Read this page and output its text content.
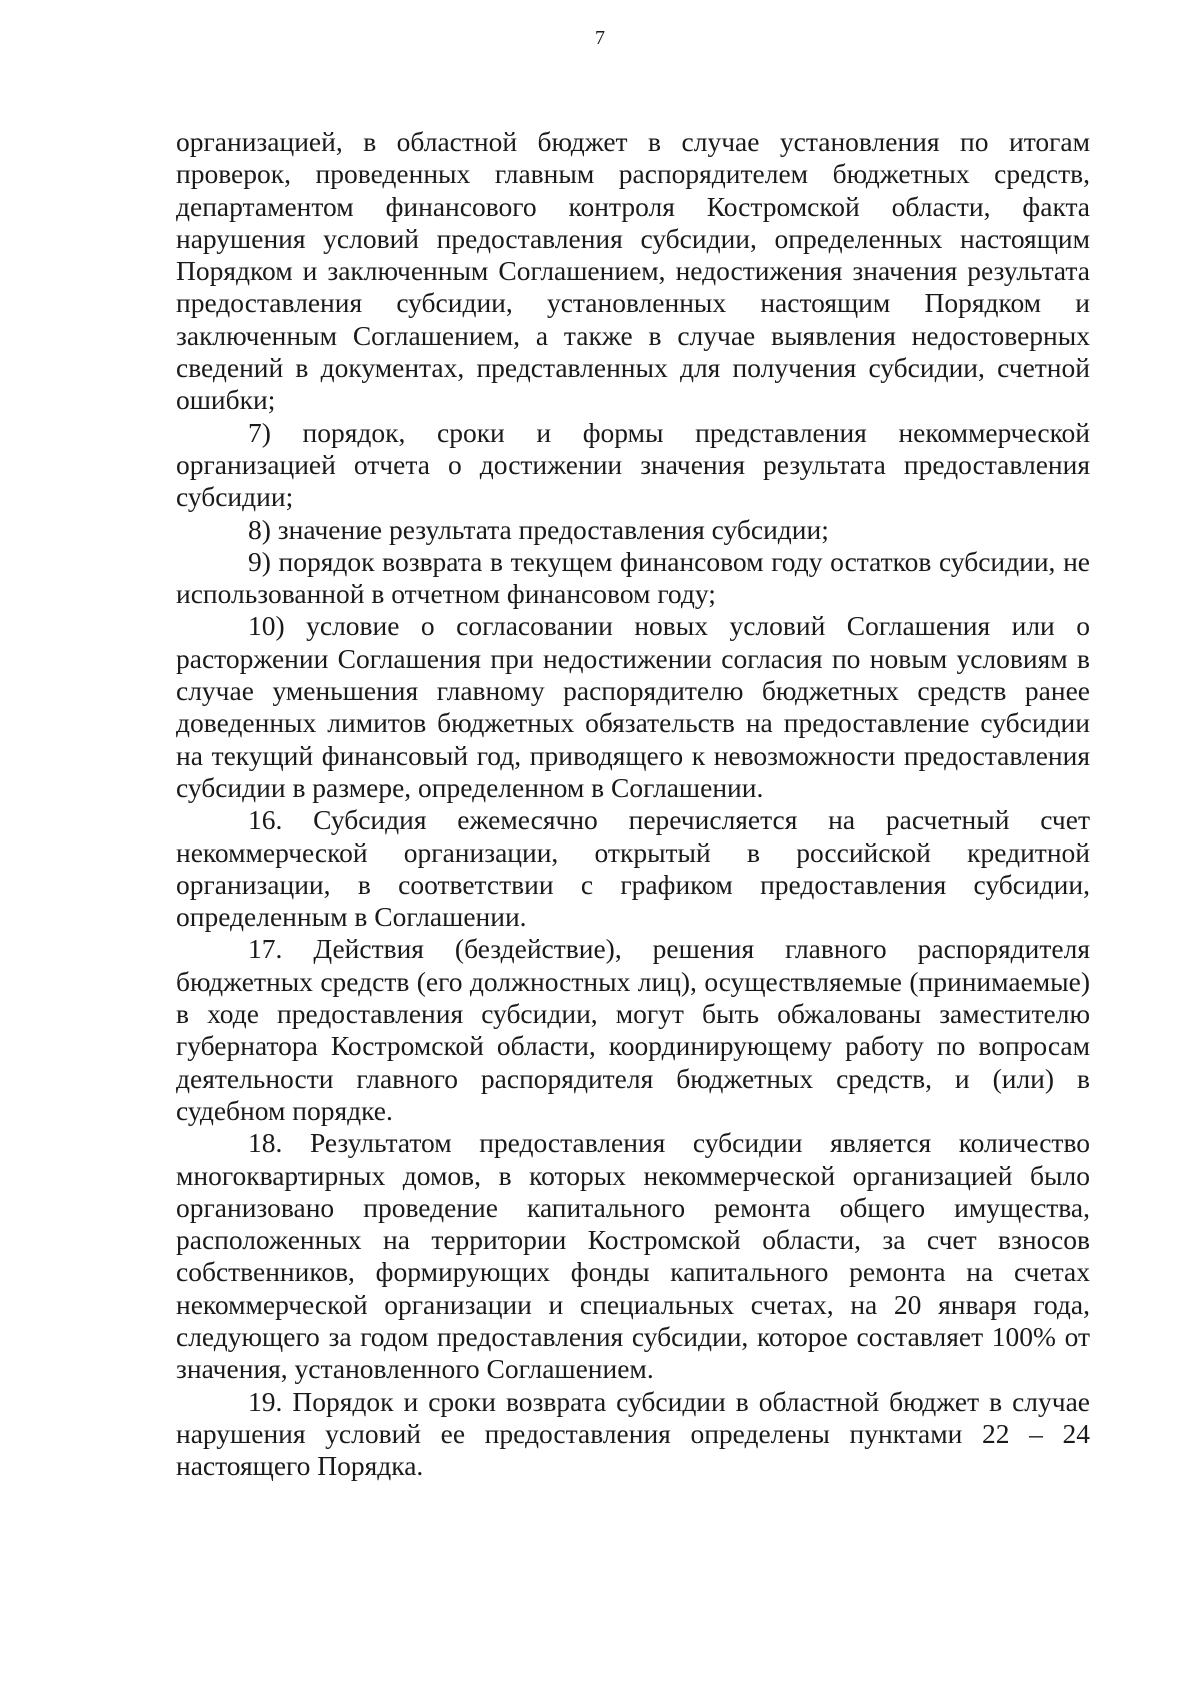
7

организацией, в областной бюджет в случае установления по итогам проверок, проведенных главным распорядителем бюджетных средств, департаментом финансового контроля Костромской области, факта нарушения условий предоставления субсидии, определенных настоящим Порядком и заключенным Соглашением, недостижения значения результата предоставления субсидии, установленных настоящим Порядком и заключенным Соглашением, а также в случае выявления недостоверных сведений в документах, представленных для получения субсидии, счетной ошибки;

7) порядок, сроки и формы представления некоммерческой организацией отчета о достижении значения результата предоставления субсидии;

8) значение результата предоставления субсидии;

9) порядок возврата в текущем финансовом году остатков субсидии, не использованной в отчетном финансовом году;

10) условие о согласовании новых условий Соглашения или о расторжении Соглашения при недостижении согласия по новым условиям в случае уменьшения главному распорядителю бюджетных средств ранее доведенных лимитов бюджетных обязательств на предоставление субсидии на текущий финансовый год, приводящего к невозможности предоставления субсидии в размере, определенном в Соглашении.

16. Субсидия ежемесячно перечисляется на расчетный счет некоммерческой организации, открытый в российской кредитной организации, в соответствии с графиком предоставления субсидии, определенным в Соглашении.

17. Действия (бездействие), решения главного распорядителя бюджетных средств (его должностных лиц), осуществляемые (принимаемые) в ходе предоставления субсидии, могут быть обжалованы заместителю губернатора Костромской области, координирующему работу по вопросам деятельности главного распорядителя бюджетных средств, и (или) в судебном порядке.

18. Результатом предоставления субсидии является количество многоквартирных домов, в которых некоммерческой организацией было организовано проведение капитального ремонта общего имущества, расположенных на территории Костромской области, за счет взносов собственников, формирующих фонды капитального ремонта на счетах некоммерческой организации и специальных счетах, на 20 января года, следующего за годом предоставления субсидии, которое составляет 100% от значения, установленного Соглашением.

19. Порядок и сроки возврата субсидии в областной бюджет в случае нарушения условий ее предоставления определены пунктами 22 – 24 настоящего Порядка.
